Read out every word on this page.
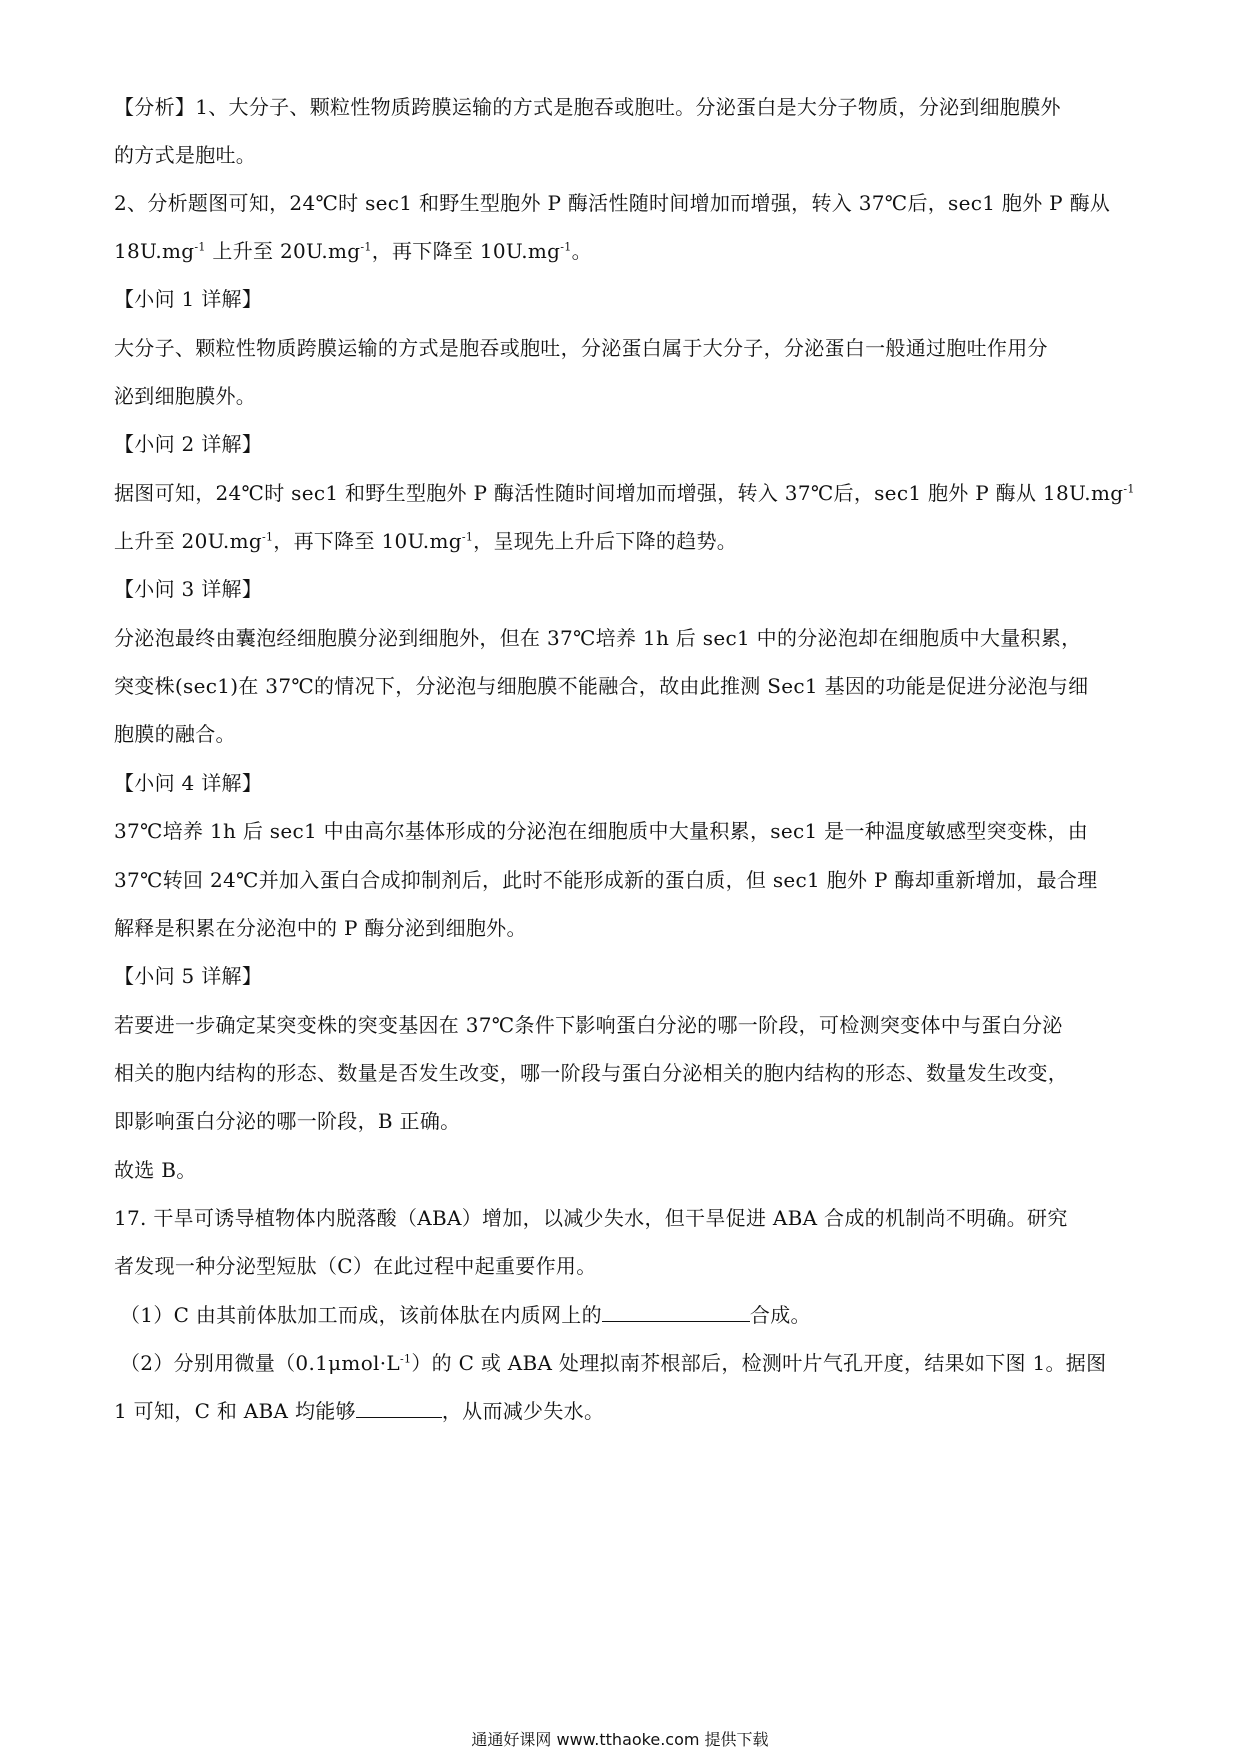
【分析】1、大分子、颗粒性物质跨膜运输的方式是胞吞或胞吐。分泌蛋白是大分子物质，分泌到细胞膜外
的方式是胞吐。
2、分析题图可知，24℃时 sec1 和野生型胞外 P 酶活性随时间增加而增强，转入 37℃后，sec1 胞外 P 酶从
$18U.mg^{-1}$ 上升至 $20U.mg^{-1}$，再下降至 $10U.mg^{-1}$。
【小问 1 详解】
大分子、颗粒性物质跨膜运输的方式是胞吞或胞吐，分泌蛋白属于大分子，分泌蛋白一般通过胞吐作用分
泌到细胞膜外。
【小问 2 详解】
据图可知，24℃时 sec1 和野生型胞外 P 酶活性随时间增加而增强，转入 37℃后，sec1 胞外 P 酶从 $18U.mg^{-1}$
上升至 $20U.mg^{-1}$，再下降至 $10U.mg^{-1}$，呈现先上升后下降的趋势。
【小问 3 详解】
分泌泡最终由囊泡经细胞膜分泌到细胞外，但在 37℃培养 1h 后 sec1 中的分泌泡却在细胞质中大量积累，
突变株(sec1)在 37℃的情况下，分泌泡与细胞膜不能融合，故由此推测 Sec1 基因的功能是促进分泌泡与细
胞膜的融合。
【小问 4 详解】
37℃培养 1h 后 sec1 中由高尔基体形成的分泌泡在细胞质中大量积累，sec1 是一种温度敏感型突变株，由
37℃转回 24℃并加入蛋白合成抑制剂后，此时不能形成新的蛋白质，但 sec1 胞外 P 酶却重新增加，最合理
解释是积累在分泌泡中的 P 酶分泌到细胞外。
【小问 5 详解】
若要进一步确定某突变株的突变基因在 37℃条件下影响蛋白分泌的哪一阶段，可检测突变体中与蛋白分泌
相关的胞内结构的形态、数量是否发生改变，哪一阶段与蛋白分泌相关的胞内结构的形态、数量发生改变，
即影响蛋白分泌的哪一阶段，B 正确。
故选 B。
17. 干旱可诱导植物体内脱落酸（ABA）增加，以减少失水，但干旱促进 ABA 合成的机制尚不明确。研究
者发现一种分泌型短肽（C）在此过程中起重要作用。
（1）C 由其前体肽加工而成，该前体肽在内质网上的	合成。
（2）分别用微量$(0.1\mu mol\cdot L^{-1})$的 C 或 ABA 处理拟南芥根部后，检测叶片气孔开度，结果如下图 1。据图
1 可知，C 和 ABA 均能够	，从而减少失水。
通通好课网 www.tthaoke.com 提供下载
